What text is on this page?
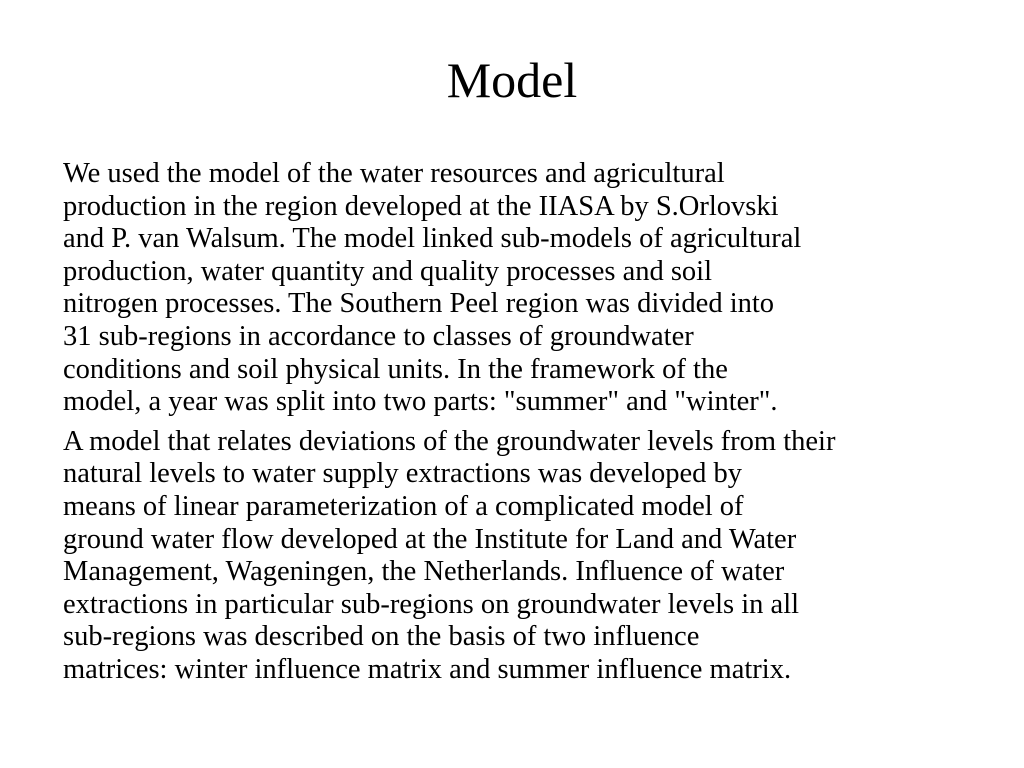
Model

We used the model of the water resources and agricultural
production in the region developed at the IIASA by S.Orlovski
and P. van Walsum. The model linked sub-models of agricultural
production, water quantity and quality processes and soil
nitrogen processes. The Southern Peel region was divided into
31 sub-regions in accordance to classes of groundwater
conditions and soil physical units. In the framework of the
model, a year was split into two parts: "summer" and "winter".

A model that relates deviations of the groundwater levels from their
natural levels to water supply extractions was developed by
means of linear parameterization of a complicated model of
ground water flow developed at the Institute for Land and Water
Management, Wageningen, the Netherlands. Influence of water
extractions in particular sub-regions on groundwater levels in all
sub-regions was described on the basis of two influence
matrices: winter influence matrix and summer influence matrix.
